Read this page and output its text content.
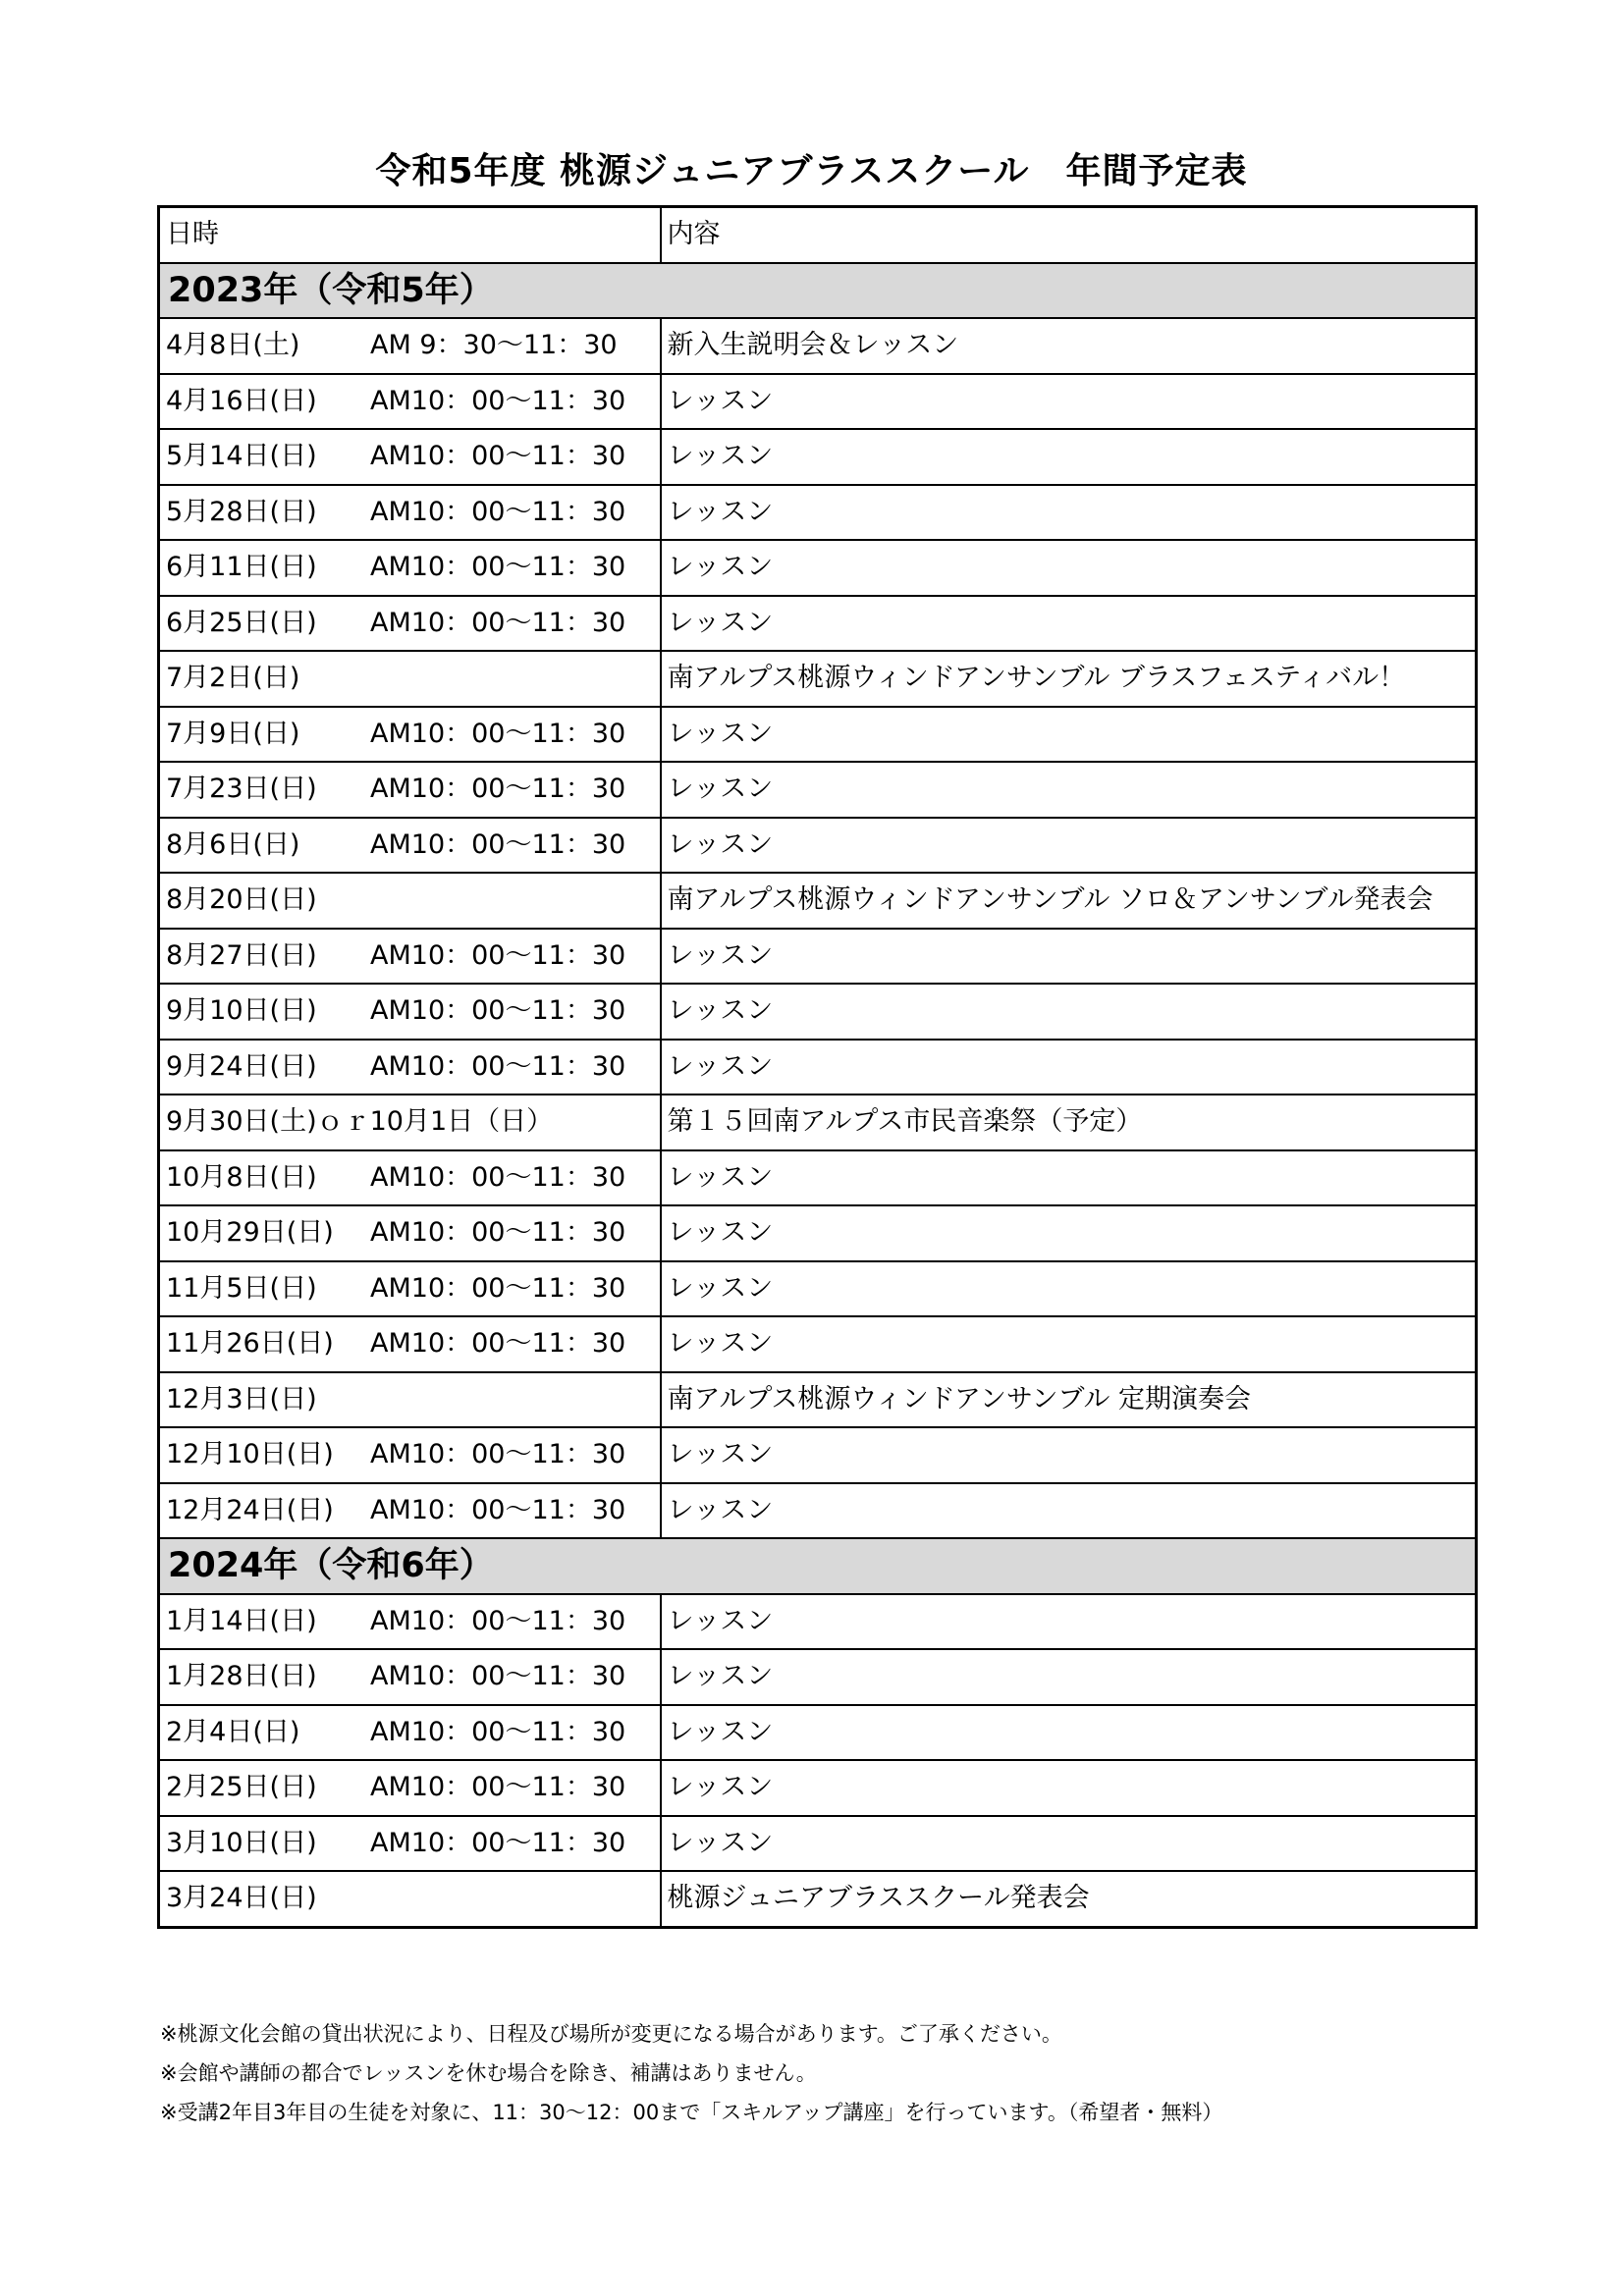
令和5年度 桃源ジュニアブラススクール　年間予定表
日時	内容
2023年（令和5年）	
4月8日(土) AM 9：30～11：30	新入生説明会＆レッスン
4月16日(日) AM10：00～11：30	レッスン
5月14日(日) AM10：00～11：30	レッスン
5月28日(日) AM10：00～11：30	レッスン
6月11日(日) AM10：00～11：30	レッスン
6月25日(日) AM10：00～11：30	レッスン
7月2日(日)	南アルプス桃源ウィンドアンサンブル ブラスフェスティバル！
7月9日(日) AM10：00～11：30	レッスン
7月23日(日) AM10：00～11：30	レッスン
8月6日(日) AM10：00～11：30	レッスン
8月20日(日)	南アルプス桃源ウィンドアンサンブル ソロ＆アンサンブル発表会
8月27日(日) AM10：00～11：30	レッスン
9月10日(日) AM10：00～11：30	レッスン
9月24日(日) AM10：00～11：30	レッスン
9月30日(土)ｏｒ10月1日（日）	第１５回南アルプス市民音楽祭（予定）
10月8日(日) AM10：00～11：30	レッスン
10月29日(日) AM10：00～11：30	レッスン
11月5日(日) AM10：00～11：30	レッスン
11月26日(日) AM10：00～11：30	レッスン
12月3日(日)	南アルプス桃源ウィンドアンサンブル 定期演奏会
12月10日(日) AM10：00～11：30	レッスン
12月24日(日) AM10：00～11：30	レッスン
2024年（令和6年）	
1月14日(日) AM10：00～11：30	レッスン
1月28日(日) AM10：00～11：30	レッスン
2月4日(日) AM10：00～11：30	レッスン
2月25日(日) AM10：00～11：30	レッスン
3月10日(日) AM10：00～11：30	レッスン
3月24日(日)	桃源ジュニアブラススクール発表会
※桃源文化会館の貸出状況により、日程及び場所が変更になる場合があります。ご了承ください。
※会館や講師の都合でレッスンを休む場合を除き、補講はありません。
※受講2年目3年目の生徒を対象に、11：30～12：00まで「スキルアップ講座」を行っています。（希望者・無料）
